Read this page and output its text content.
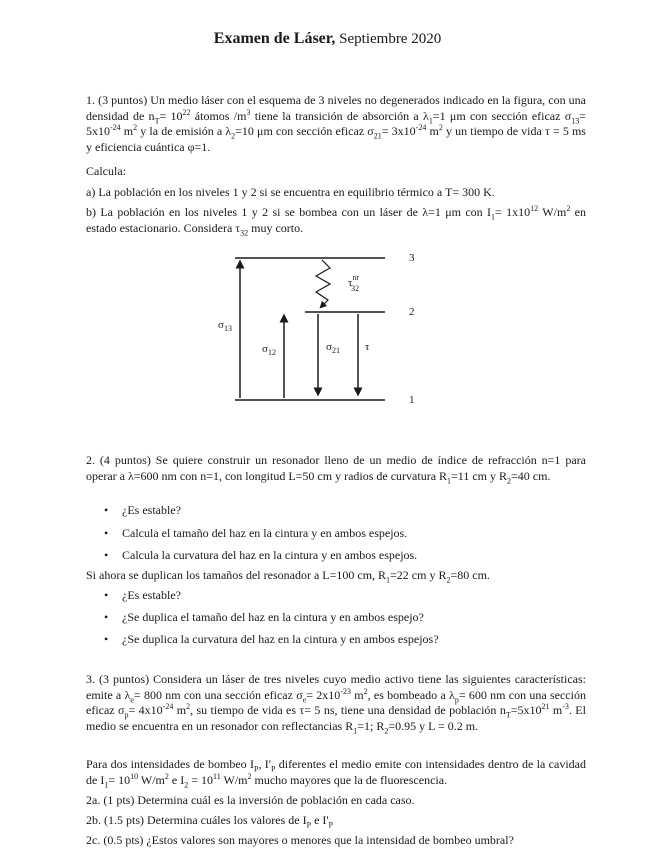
Examen de Láser, Septiembre 2020

1. (3 puntos) Un medio láser con el esquema de 3 niveles no degenerados indicado en la figura, con una densidad de $n_T= 10^{22}$ átomos $/m^3$ tiene la transición de absorción a $\lambda_1=1$ μm con sección eficaz $\sigma_{13}= 5x10^{-24}$ $m^2$ y la de emisión a $\lambda_2=10$ μm con sección eficaz $\sigma_{21}= 3x10^{-24}$ $m^2$ y un tiempo de vida τ = 5 ms y eficiencia cuántica φ=1.

Calcula:

a) La población en los niveles 1 y 2 si se encuentra en equilibrio térmico a T= 300 K.

b) La población en los niveles 1 y 2 si se bombea con un láser de λ=1 μm con $I_1= 1x10^{12}$ $W/m^2$ en estado estacionario. Considera $\tau_{32}$ muy corto.

3
2
1
$\sigma_{13}$
$\sigma_{12}$	$\sigma_{21}$ τ
$\tau^{nr}$ 32

2. (4 puntos) Se quiere construir un resonador lleno de un medio de índice de refracción n=1 para operar a λ=600 nm con n=1, con longitud L=50 cm y radios de curvatura $R_1=11$ cm y $R_2=40$ cm.

• ¿Es estable?
• Calcula el tamaño del haz en la cintura y en ambos espejos.
• Calcula la curvatura del haz en la cintura y en ambos espejos.

Si ahora se duplican los tamaños del resonador a L=100 cm, $R_1=22$ cm y $R_2=80$ cm.

• ¿Es estable?
• ¿Se duplica el tamaño del haz en la cintura y en ambos espejo?
• ¿Se duplica la curvatura del haz en la cintura y en ambos espejos?

3. (3 puntos) Considera un láser de tres niveles cuyo medio activo tiene las siguientes características: emite a $\lambda_e= 800$ nm con una sección eficaz $\sigma_e= 2x10^{-23}$ $m^2$, es bombeado a $\lambda_p= 600$ nm con una sección eficaz $\sigma_p= 4x10^{-24}$ $m^2$, su tiempo de vida es τ= 5 ns, tiene una densidad de población $n_T=5x10^{21}$ $m^{-3}$. El medio se encuentra en un resonador con reflectancias $R_1=1$; $R_2=0.95$ y L = 0.2 m.

Para dos intensidades de bombeo $I_P$, $I'_P$ diferentes el medio emite con intensidades dentro de la cavidad de $I_1= 10^{10}$ $W/m^2$ e $I_2 = 10^{11}$ $W/m^2$ mucho mayores que la de fluorescencia.

2a. (1 pts) Determina cuál es la inversión de población en cada caso.

2b. (1.5 pts) Determina cuáles los valores de $I_P$ e $I'_P$

2c. (0.5 pts) ¿Estos valores son mayores o menores que la intensidad de bombeo umbral?
